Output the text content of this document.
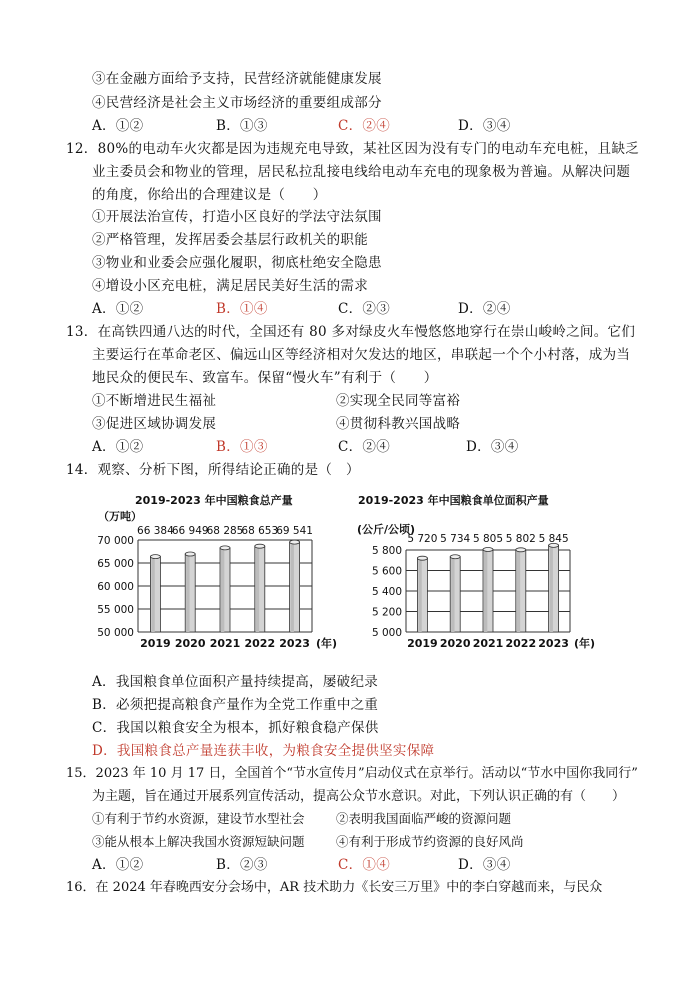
③在金融方面给予支持，民营经济就能健康发展
④民营经济是社会主义市场经济的重要组成部分
A．①②	B．①③	C．②④	D．③④
12．80%的电动车火灾都是因为违规充电导致，某社区因为没有专门的电动车充电桩，且缺乏
业主委员会和物业的管理，居民私拉乱接电线给电动车充电的现象极为普遍。从解决问题
的角度，你给出的合理建议是（　　）
①开展法治宣传，打造小区良好的学法守法氛围
②严格管理，发挥居委会基层行政机关的职能
③物业和业委会应强化履职，彻底杜绝安全隐患
④增设小区充电桩，满足居民美好生活的需求
A．①②	B．①④	C．②③	D．②④
13．在高铁四通八达的时代，全国还有 80 多对绿皮火车慢悠悠地穿行在崇山峻岭之间。它们
主要运行在革命老区、偏远山区等经济相对欠发达的地区，串联起一个个小村落，成为当
地民众的便民车、致富车。保留“慢火车”有利于（　　）
①不断增进民生福祉	②实现全民同等富裕
③促进区域协调发展	④贯彻科教兴国战略
A．①②	B．①③	C．②④	D．③④
14．观察、分析下图，所得结论正确的是（　）
2019-2023 年中国粮食总产量
（万吨）
70 000
65 000
60 000
55 000
50 000
66 384
2019
66 949
2020
68 285
2021
68 653
2022
69 541
2023 (年)
2019-2023 年中国粮食单位面积产量
(公斤/公顷)
5 800
5 600
5 400
5 200
5 000
5 720
2019
5 734
2020
5 805
2021
5 802
2022
5 845
2023 (年)
A．我国粮食单位面积产量持续提高，屡破纪录
B．必须把提高粮食产量作为全党工作重中之重
C．我国以粮食安全为根本，抓好粮食稳产保供
D．我国粮食总产量连获丰收，为粮食安全提供坚实保障
15．2023 年 10 月 17 日，全国首个“节水宣传月”启动仪式在京举行。活动以“节水中国你我同行”
为主题，旨在通过开展系列宣传活动，提高公众节水意识。对此，下列认识正确的有（　　）
①有利于节约水资源，建设节水型社会	②表明我国面临严峻的资源问题
③能从根本上解决我国水资源短缺问题	④有利于形成节约资源的良好风尚
A．①②	B．②③	C．①④	D．③④
16．在 2024 年春晚西安分会场中，AR 技术助力《长安三万里》中的李白穿越而来，与民众
